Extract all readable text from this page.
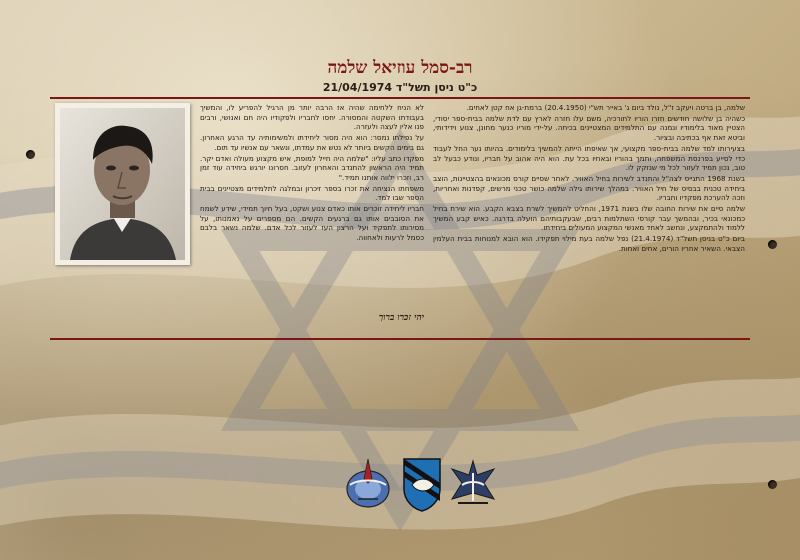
רב-סמל עוזיאל שלמה
כ"ט ניסן תשל"ד 21/04/1974

שלמה, בן ברטה ויעקב ז"ל, נולד ביום ג' באייר תש"י (20.4.1950) ברמת-גן אח קטן לאחים.

כשהיה בן שלושה חודשים חזרו הוריו לתורכיה, משם עלו חזרה לארץ עם לדת שלמה בבית-ספר יסודי, הצטיין מאוד בלימודיו ונמנה עם התלמידים המצטיינים בכיתה. על-ידי מוריו כנער מחונן, צנוע וידידותי, וביטא זאת אף בכתיבה ובציור.

בצעירותו למד שלמה בבית-ספר מקצועי, אך שאיפתו הייתה להמשיך בלימודים. בהיותו נער החל לעבוד כדי לסייע בפרנסת המשפחה, ותמך בהוריו ובאחיו בכל עת. הוא היה אהוב על חבריו, ונודע כבעל לב טוב, נכון תמיד לעזור לכל מי שנזקק לו.

בשנת 1968 התגייס לצה"ל והתנדב לשירות בחיל האוויר. לאחר שסיים קורס מכונאים בהצטיינות, הוצב ביחידה טכנית בבסיס של חיל האוויר. במהלך שירותו גילה שלמה כושר טכני מרשים, קפדנות ואחריות, וזכה להערכת מפקדיו וחבריו.

שלמה סיים את שירות החובה שלו בשנת 1971, והחליט להמשיך לשרת בצבא הקבע. הוא שירת בחיל כמכונאי בכיר, ובהמשך עבר קורסי השתלמות רבים, שבעקבותיהם הועלה בדרגה. כאיש קבע המשיך ללמוד ולהתמקצע, ונחשב לאחד מאנשי המקצוע המעולים ביחידתו.

ביום כ"ט בניסן תשל"ד (21.4.1974) נפל שלמה בעת מילוי תפקידו. הוא הובא למנוחות בבית העלמין הצבאי. השאיר אחריו הורים, אחים ואחות.

לא הניח ללחימה שהיה אז הרבה יותר מן הרגיל להפריע לו, והמשיך בעבודתו השקטה והמסורה. יחסו לחבריו ולפקודיו היה חם ואנושי, ורבים פנו אליו לעצה ולעזרה.

על נפילתו נמסר: הוא היה מסור ליחידתו ולמשימותיה עד הרגע האחרון. גם בימים הקשים ביותר לא נטש את עמדתו, ונשאר עם אנשיו עד תום.

מפקדו כתב עליו: "שלמה היה חייל למופת, איש מקצוע מעולה ואדם יקר. תמיד היה הראשון להתנדב והאחרון לעזוב. חסרונו יורגש ביחידה עוד זמן רב, וזכרו ילווה אותנו תמיד."

משפחתו הנציחה את זכרו בספר זיכרון ובמלגה לתלמידים מצטיינים בבית הספר שבו למד.

חבריו ליחידה זוכרים אותו כאדם צנוע ושקט, בעל חיוך תמידי, שידע לשמח את הסובבים אותו גם ברגעים הקשים. הם מספרים על נאמנותו, על מסירותו לתפקיד ועל הרצון העז לעזור לכל אדם. שלמה נשאר בלבם כסמל לרעות ולאחווה.

יהי זכרו ברוך
